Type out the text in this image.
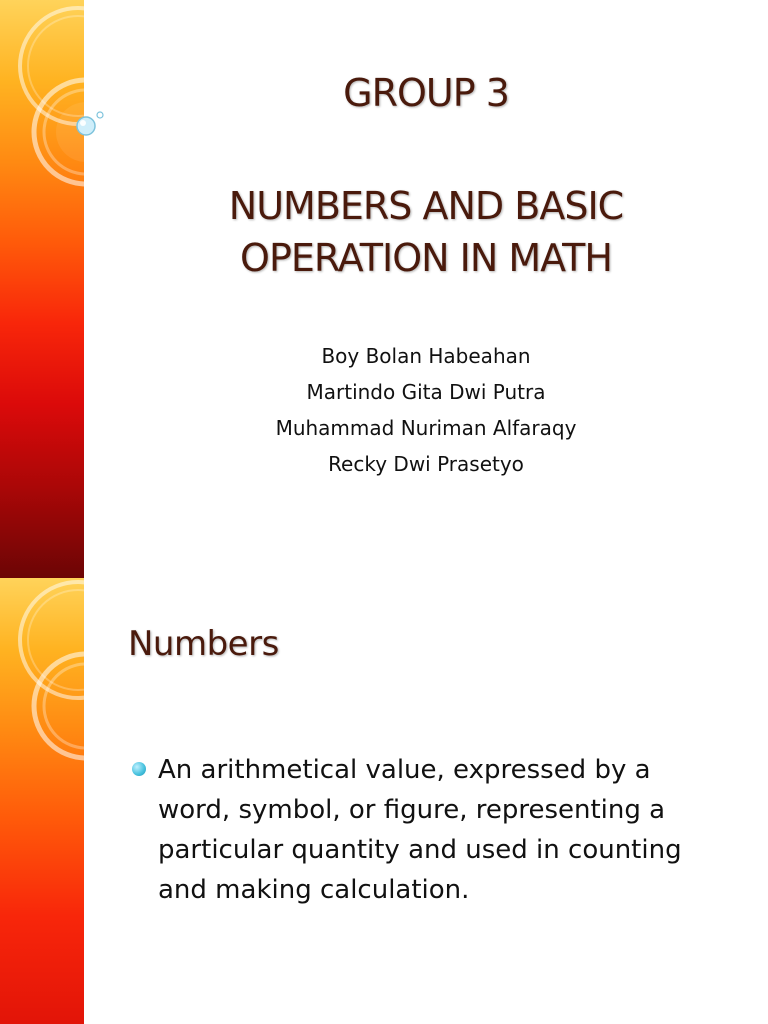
GROUP 3
NUMBERS AND BASIC
OPERATION IN MATH
Boy Bolan Habeahan
Martindo Gita Dwi Putra
Muhammad Nuriman Alfaraqy
Recky Dwi Prasetyo
Numbers
An arithmetical value, expressed by a word, symbol, or figure, representing a particular quantity and used in counting and making calculation.
